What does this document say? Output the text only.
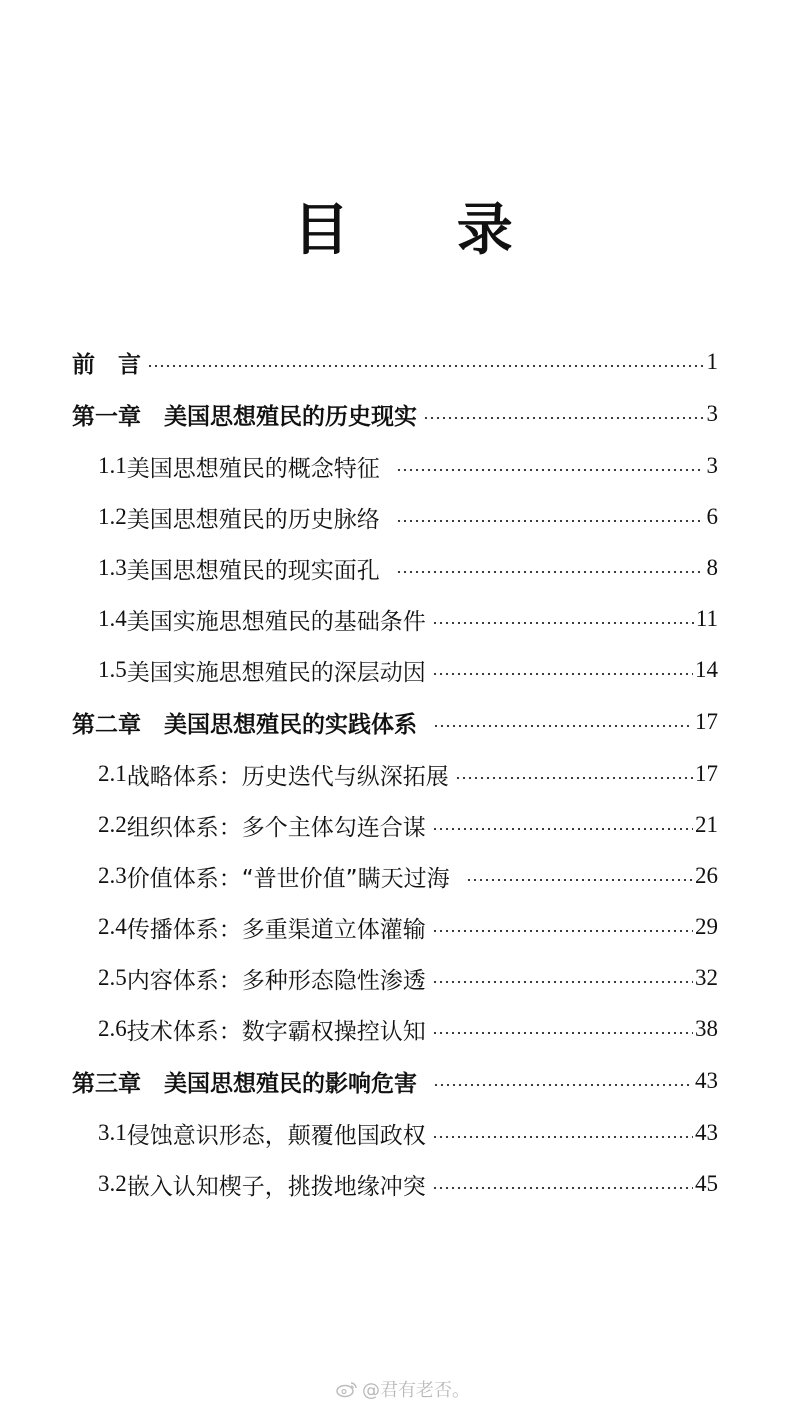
目 录
前　言	1
第一章　美国思想殖民的历史现实	3
1.1 美国思想殖民的概念特征	3
1.2 美国思想殖民的历史脉络	6
1.3 美国思想殖民的现实面孔	8
1.4 美国实施思想殖民的基础条件	11
1.5 美国实施思想殖民的深层动因	14
第二章　美国思想殖民的实践体系	17
2.1 战略体系：历史迭代与纵深拓展	17
2.2 组织体系：多个主体勾连合谋	21
2.3 价值体系：“普世价值”瞒天过海	26
2.4 传播体系：多重渠道立体灌输	29
2.5 内容体系：多种形态隐性渗透	32
2.6 技术体系：数字霸权操控认知	38
第三章　美国思想殖民的影响危害	43
3.1 侵蚀意识形态，颠覆他国政权	43
3.2 嵌入认知楔子，挑拨地缘冲突	45
@君有老否。
